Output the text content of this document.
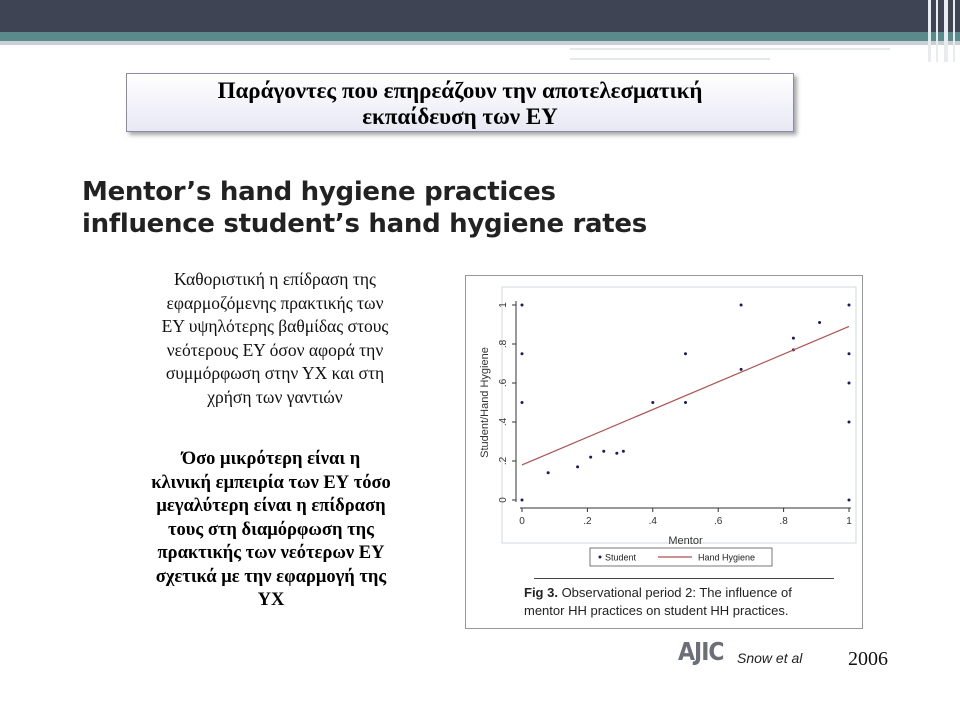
Παράγοντες που επηρεάζουν την αποτελεσματική
εκπαίδευση των ΕΥ
Mentor’s hand hygiene practices
influence student’s hand hygiene rates
Καθοριστική η επίδραση της
εφαρμοζόμενης πρακτικής των
ΕΥ υψηλότερης βαθμίδας στους
νεότερους ΕΥ όσον αφορά την
συμμόρφωση στην ΥΧ και στη
χρήση των γαντιών
Όσο μικρότερη είναι η
κλινική εμπειρία των ΕΥ τόσο
μεγαλύτερη είναι η επίδραση
τους στη διαμόρφωση της
πρακτικής των νεότερων ΕΥ
σχετικά με την εφαρμογή της
ΥΧ
0
.2
.4
.6
.8
1
0	.2	.4	.6	.8	1
Mentor
Student/Hand Hygiene
Student	Hand Hygiene
Fig 3. Observational period 2: The influence of
mentor HH practices on student HH practices.
AJIC Snow et al 2006
